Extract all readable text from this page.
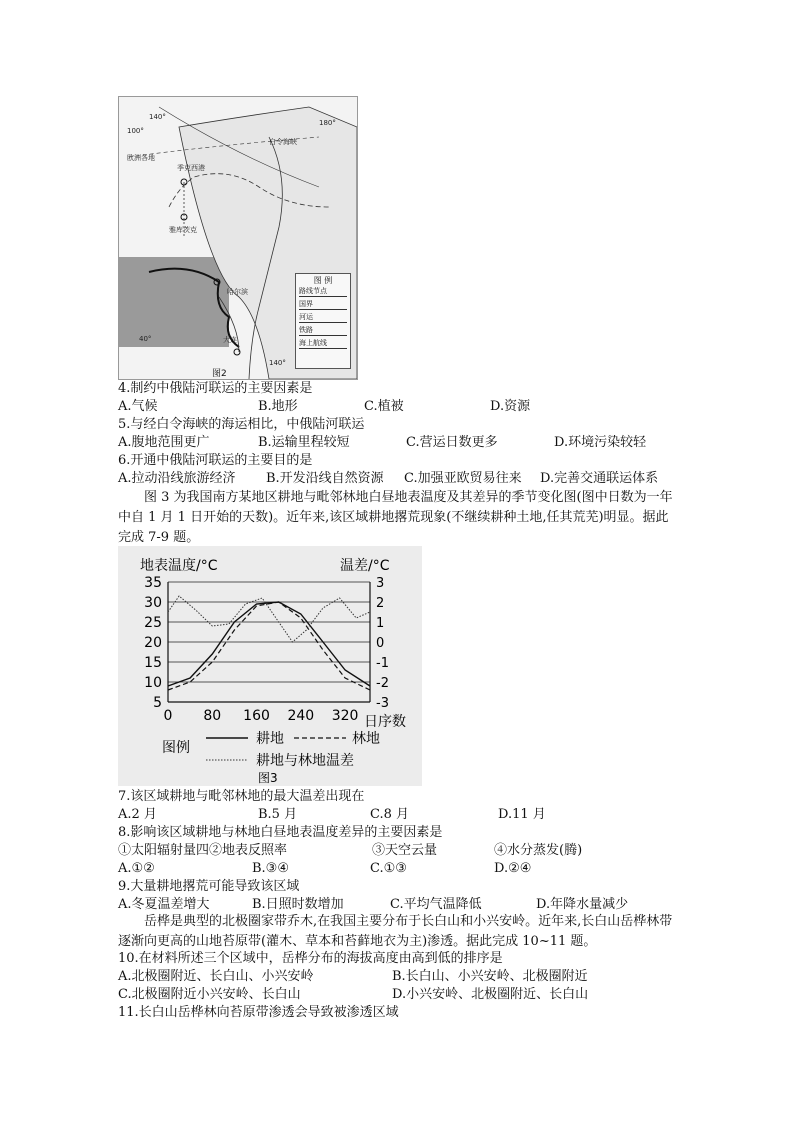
100°
140°
白令海峡
180°
欧洲各地
季克西港
雅库茨克
哈尔滨
大连
40°
140°
图 例
路线节点
国界
河运
铁路
海上航线
图2
4.制约中俄陆河联运的主要因素是
A.气候	B.地形	C.植被	D.资源
5.与经白令海峡的海运相比，中俄陆河联运
A.腹地范围更广	B.运输里程较短	C.营运日数更多	D.环境污染较轻
6.开通中俄陆河联运的主要目的是
A.拉动沿线旅游经济 B.开发沿线自然资源 C.加强亚欧贸易往来 D.完善交通联运体系
图 3 为我国南方某地区耕地与毗邻林地白昼地表温度及其差异的季节变化图(图中日数为一年中自 1 月 1 日开始的天数)。近年来,该区域耕地撂荒现象(不继续耕种土地,任其荒芜)明显。据此完成 7-9 题。
35
30
25
20
15
10
5
3
2
1
0
-1
-2
-3
0 80 160 240 320
地表温度/°C	温差/°C
日序数
图例
耕地	林地
耕地与林地温差
图3
7.该区域耕地与毗邻林地的最大温差出现在
A.2 月	B.5 月	C.8 月	D.11 月
8.影响该区域耕地与林地白昼地表温度差异的主要因素是
①太阳辐射量四②地表反照率	③天空云量	④水分蒸发(腾)
A.①②	B.③④	C.①③	D.②④
9.大量耕地撂荒可能导致该区域
A.冬夏温差增大	B.日照时数增加	C.平均气温降低	D.年降水量减少
岳桦是典型的北极圈家带乔木,在我国主要分布于长白山和小兴安岭。近年来,长白山岳桦林带逐渐向更高的山地苔原带(灌木、草本和苔藓地衣为主)渗透。据此完成 10~11 题。
10.在材料所述三个区域中，岳桦分布的海拔高度由高到低的排序是
A.北极圈附近、长白山、小兴安岭	B.长白山、小兴安岭、北极圈附近
C.北极圈附近小兴安岭、长白山	D.小兴安岭、北极圈附近、长白山
11.长白山岳桦林向苔原带渗透会导致被渗透区域
